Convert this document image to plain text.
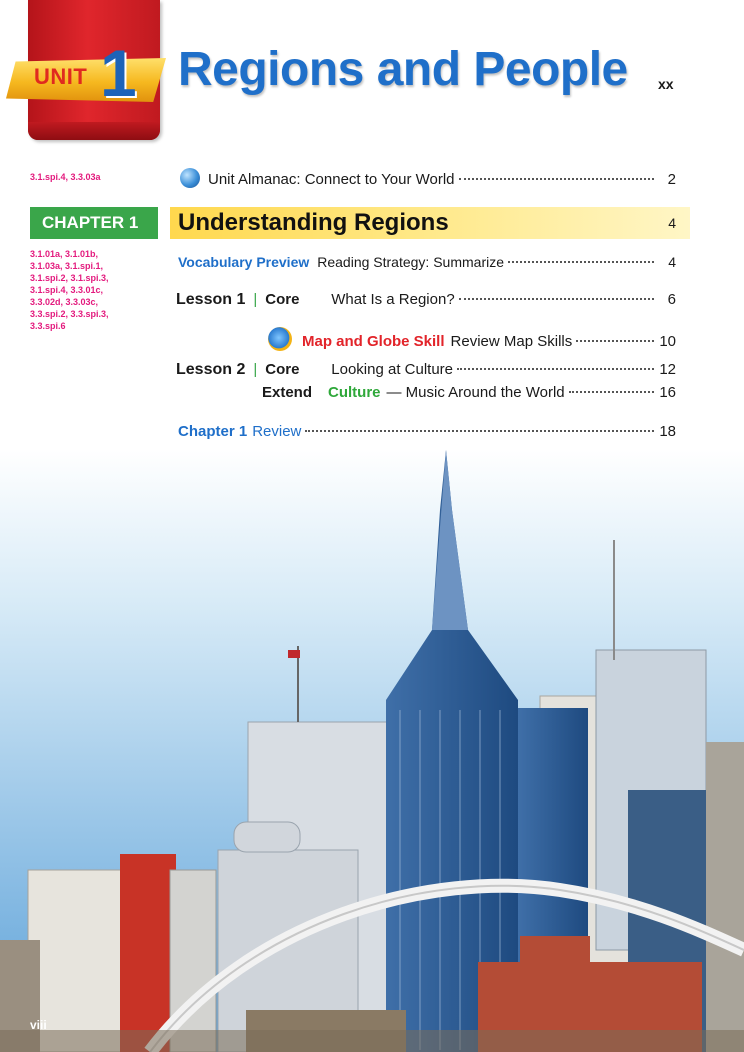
UNIT 1 Regions and People xx
3.1.spi.4, 3.3.03a	Unit Almanac: Connect to Your World	2
CHAPTER 1	Understanding Regions	4
3.1.01a, 3.1.01b,
3.1.03a, 3.1.spi.1,
3.1.spi.2, 3.1.spi.3,
3.1.spi.4, 3.3.01c,
3.3.02d, 3.3.03c,
3.3.spi.2, 3.3.spi.3,
3.3.spi.6
Vocabulary Preview Reading Strategy: Summarize	4
Lesson 1 | Core	What Is a Region?	6
Map and Globe Skill Review Map Skills	10
Lesson 2 | Core	Looking at Culture	12
Extend	Culture — Music Around the World	16
Chapter 1 Review	18
viii
